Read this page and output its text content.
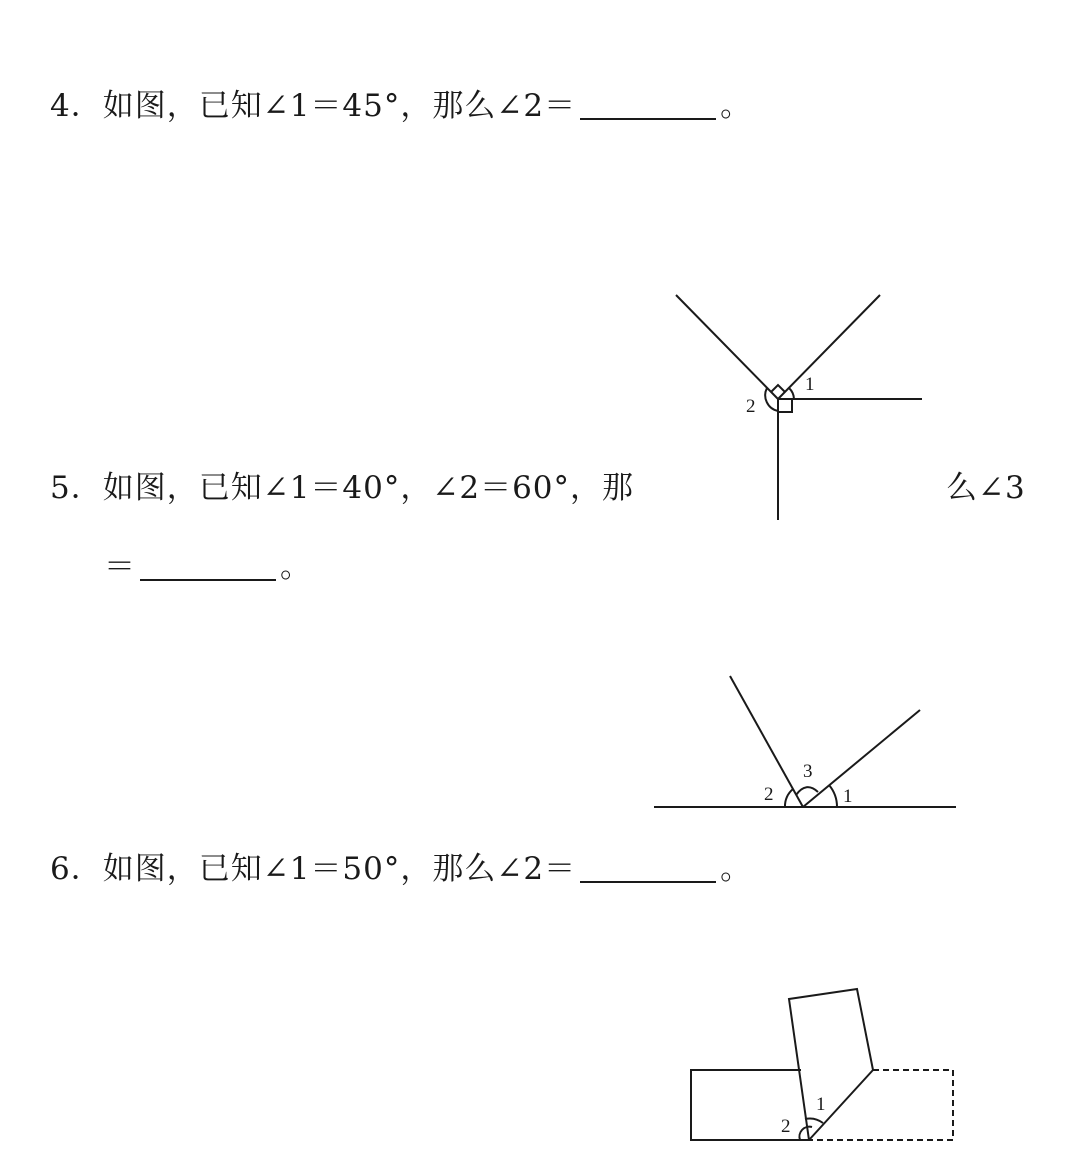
4．如图，已知∠1＝45°，那么∠2＝	。
5．如图，已知∠1＝40°，∠2＝60°，那	么∠3
＝	。
6．如图，已知∠1＝50°，那么∠2＝	。
1
2
1
2
3
1
2
